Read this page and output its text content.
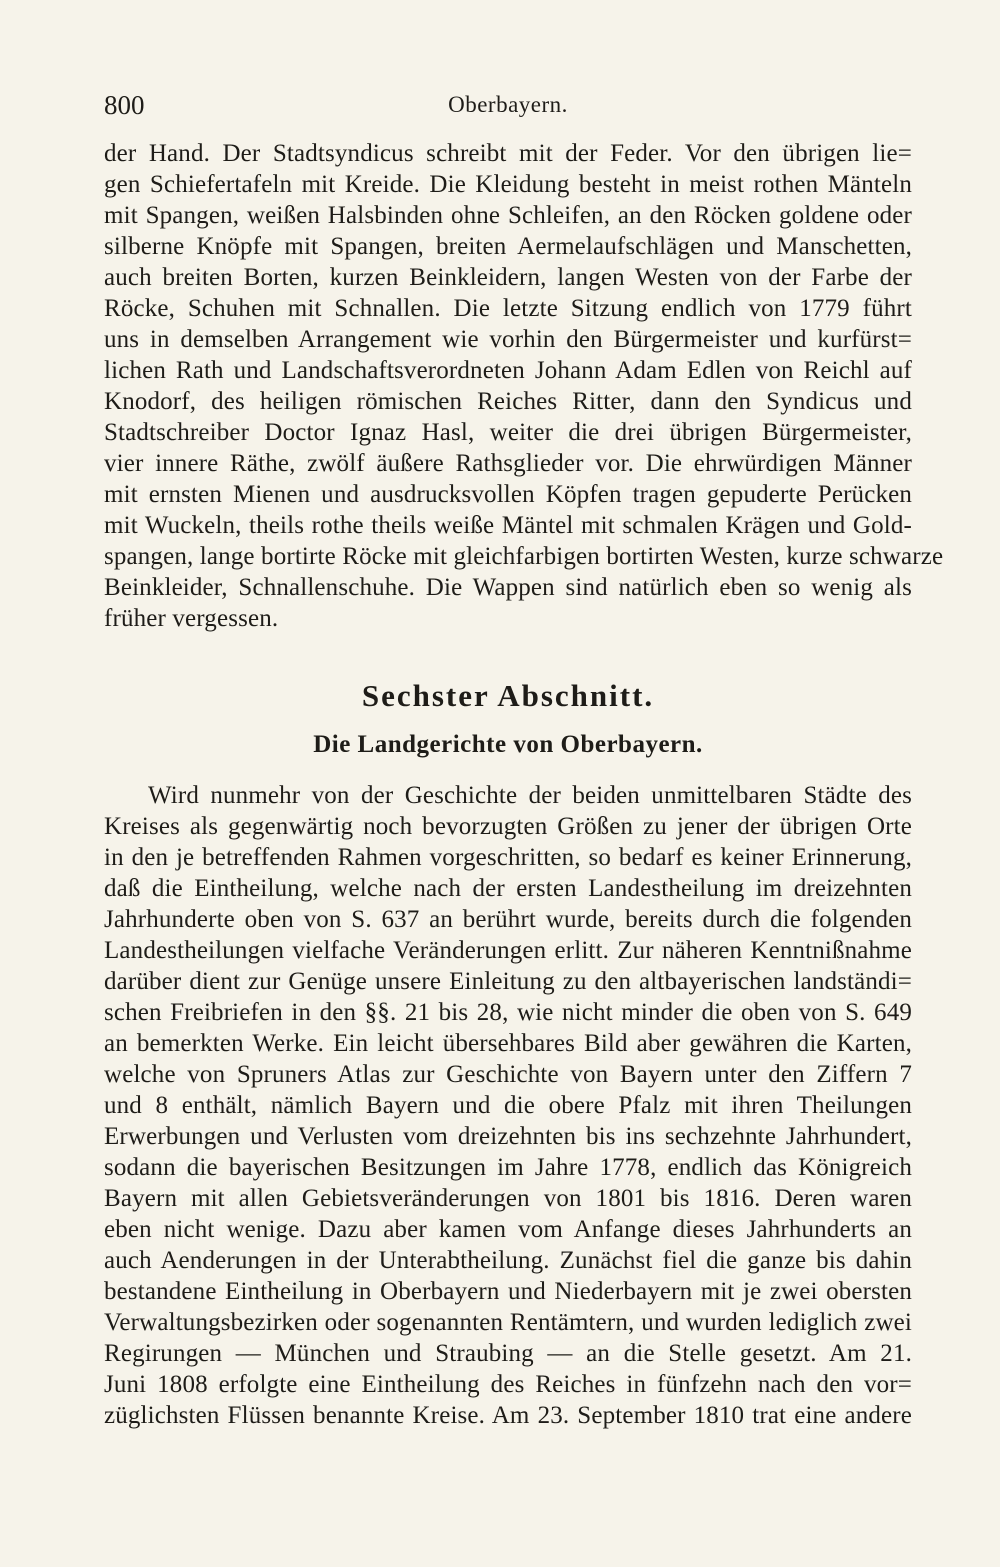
800	Oberbayern.
der Hand. Der Stadtsyndicus schreibt mit der Feder. Vor den übrigen lie=
gen Schiefertafeln mit Kreide. Die Kleidung besteht in meist rothen Mänteln
mit Spangen, weißen Halsbinden ohne Schleifen, an den Röcken goldene oder
silberne Knöpfe mit Spangen, breiten Aermelaufschlägen und Manschetten,
auch breiten Borten, kurzen Beinkleidern, langen Westen von der Farbe der
Röcke, Schuhen mit Schnallen. Die letzte Sitzung endlich von 1779 führt
uns in demselben Arrangement wie vorhin den Bürgermeister und kurfürst=
lichen Rath und Landschaftsverordneten Johann Adam Edlen von Reichl auf
Knodorf, des heiligen römischen Reiches Ritter, dann den Syndicus und
Stadtschreiber Doctor Ignaz Hasl, weiter die drei übrigen Bürgermeister,
vier innere Räthe, zwölf äußere Rathsglieder vor. Die ehrwürdigen Männer
mit ernsten Mienen und ausdrucksvollen Köpfen tragen gepuderte Perücken
mit Wuckeln, theils rothe theils weiße Mäntel mit schmalen Krägen und Gold-
spangen, lange bortirte Röcke mit gleichfarbigen bortirten Westen, kurze schwarze
Beinkleider, Schnallenschuhe. Die Wappen sind natürlich eben so wenig als
früher vergessen.
Sechster Abschnitt.
Die Landgerichte von Oberbayern.
Wird nunmehr von der Geschichte der beiden unmittelbaren Städte des
Kreises als gegenwärtig noch bevorzugten Größen zu jener der übrigen Orte
in den je betreffenden Rahmen vorgeschritten, so bedarf es keiner Erinnerung,
daß die Eintheilung, welche nach der ersten Landestheilung im dreizehnten
Jahrhunderte oben von S. 637 an berührt wurde, bereits durch die folgenden
Landestheilungen vielfache Veränderungen erlitt. Zur näheren Kenntnißnahme
darüber dient zur Genüge unsere Einleitung zu den altbayerischen landständi=
schen Freibriefen in den §§. 21 bis 28, wie nicht minder die oben von S. 649
an bemerkten Werke. Ein leicht übersehbares Bild aber gewähren die Karten,
welche von Spruners Atlas zur Geschichte von Bayern unter den Ziffern 7
und 8 enthält, nämlich Bayern und die obere Pfalz mit ihren Theilungen
Erwerbungen und Verlusten vom dreizehnten bis ins sechzehnte Jahrhundert,
sodann die bayerischen Besitzungen im Jahre 1778, endlich das Königreich
Bayern mit allen Gebietsveränderungen von 1801 bis 1816. Deren waren
eben nicht wenige. Dazu aber kamen vom Anfange dieses Jahrhunderts an
auch Aenderungen in der Unterabtheilung. Zunächst fiel die ganze bis dahin
bestandene Eintheilung in Oberbayern und Niederbayern mit je zwei obersten
Verwaltungsbezirken oder sogenannten Rentämtern, und wurden lediglich zwei
Regirungen — München und Straubing — an die Stelle gesetzt. Am 21.
Juni 1808 erfolgte eine Eintheilung des Reiches in fünfzehn nach den vor=
züglichsten Flüssen benannte Kreise. Am 23. September 1810 trat eine andere
